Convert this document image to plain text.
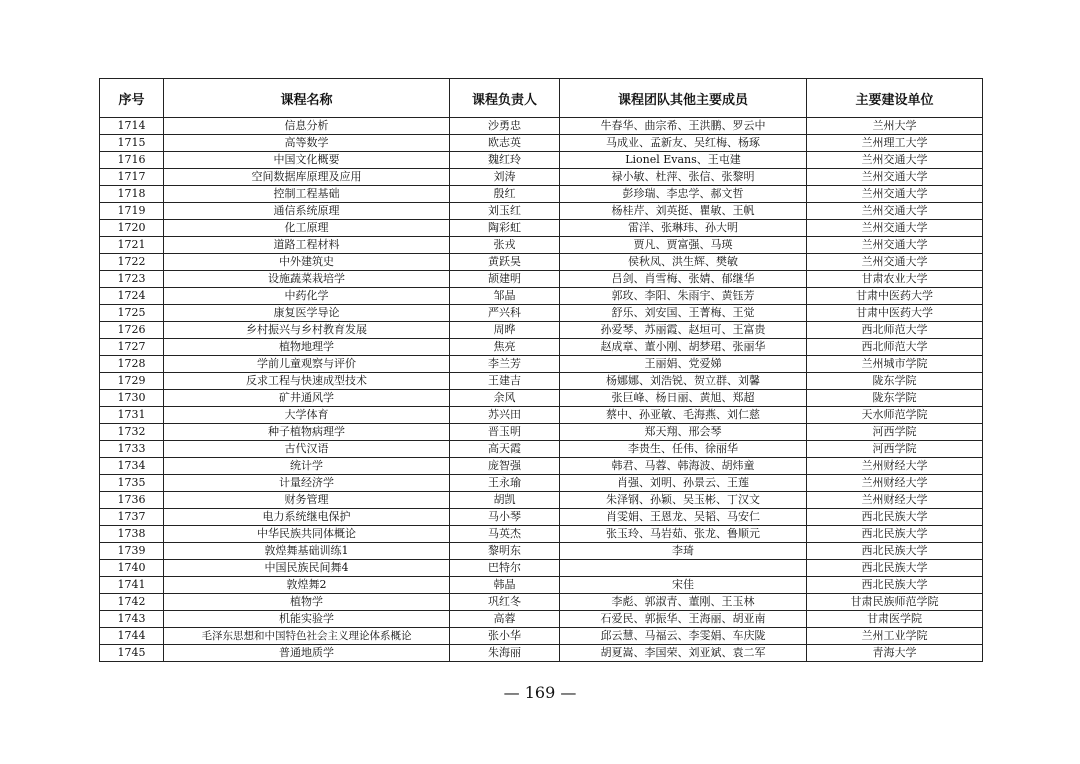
序号	课程名称	课程负责人	课程团队其他主要成员	主要建设单位
1714	信息分析	沙勇忠	牛春华、曲宗希、王洪鹏、罗云中	兰州大学
1715	高等数学	欧志英	马成业、孟新友、吴红梅、杨琢	兰州理工大学
1716	中国文化概要	魏红玲	Lionel Evans、王屯建	兰州交通大学
1717	空间数据库原理及应用	刘涛	禄小敏、杜萍、张信、张黎明	兰州交通大学
1718	控制工程基础	殷红	彭珍瑞、李忠学、郝文哲	兰州交通大学
1719	通信系统原理	刘玉红	杨桂芹、刘英挺、瞿敏、王帆	兰州交通大学
1720	化工原理	陶彩虹	雷洋、张琳玮、孙大明	兰州交通大学
1721	道路工程材料	张戎	贾凡、贾富强、马瑛	兰州交通大学
1722	中外建筑史	黄跃昊	侯秋凤、洪生辉、樊敏	兰州交通大学
1723	设施蔬菜栽培学	颉建明	吕剑、肖雪梅、张婧、郁继华	甘肃农业大学
1724	中药化学	邹晶	郭玫、李阳、朱雨宇、黄钰芳	甘肃中医药大学
1725	康复医学导论	严兴科	舒乐、刘安国、王菁梅、王觉	甘肃中医药大学
1726	乡村振兴与乡村教育发展	周晔	孙爱琴、苏丽霞、赵垣可、王富贵	西北师范大学
1727	植物地理学	焦亮	赵成章、董小刚、胡梦珺、张丽华	西北师范大学
1728	学前儿童观察与评价	李兰芳	王丽娟、党爱娣	兰州城市学院
1729	反求工程与快速成型技术	王建吉	杨娜娜、刘浩锐、贺立群、刘馨	陇东学院
1730	矿井通风学	余风	张巨峰、杨日丽、黄旭、郑超	陇东学院
1731	大学体育	苏兴田	蔡中、孙亚敏、毛海燕、刘仁慈	天水师范学院
1732	种子植物病理学	晋玉明	郑天翔、邢会琴	河西学院
1733	古代汉语	高天霞	李贵生、任伟、徐丽华	河西学院
1734	统计学	庞智强	韩君、马蓉、韩海波、胡炜童	兰州财经大学
1735	计量经济学	王永瑜	肖强、刘明、孙景云、王莲	兰州财经大学
1736	财务管理	胡凯	朱泽钢、孙颖、吴玉彬、丁汉文	兰州财经大学
1737	电力系统继电保护	马小琴	肖雯娟、王恩龙、吴韬、马安仁	西北民族大学
1738	中华民族共同体概论	马英杰	张玉玲、马岩茹、张龙、鲁顺元	西北民族大学
1739	敦煌舞基础训练1	黎明东	李琦	西北民族大学
1740	中国民族民间舞4	巴特尔		西北民族大学
1741	敦煌舞2	韩晶	宋佳	西北民族大学
1742	植物学	巩红冬	李彪、郭淑青、董刚、王玉林	甘肃民族师范学院
1743	机能实验学	高蓉	石爱民、郭振华、王海丽、胡亚南	甘肃医学院
1744	毛泽东思想和中国特色社会主义理论体系概论	张小华	邱云慧、马福云、李雯娟、车庆陇	兰州工业学院
1745	普通地质学	朱海丽	胡夏嵩、李国荣、刘亚斌、袁二军	青海大学
— 169 —
